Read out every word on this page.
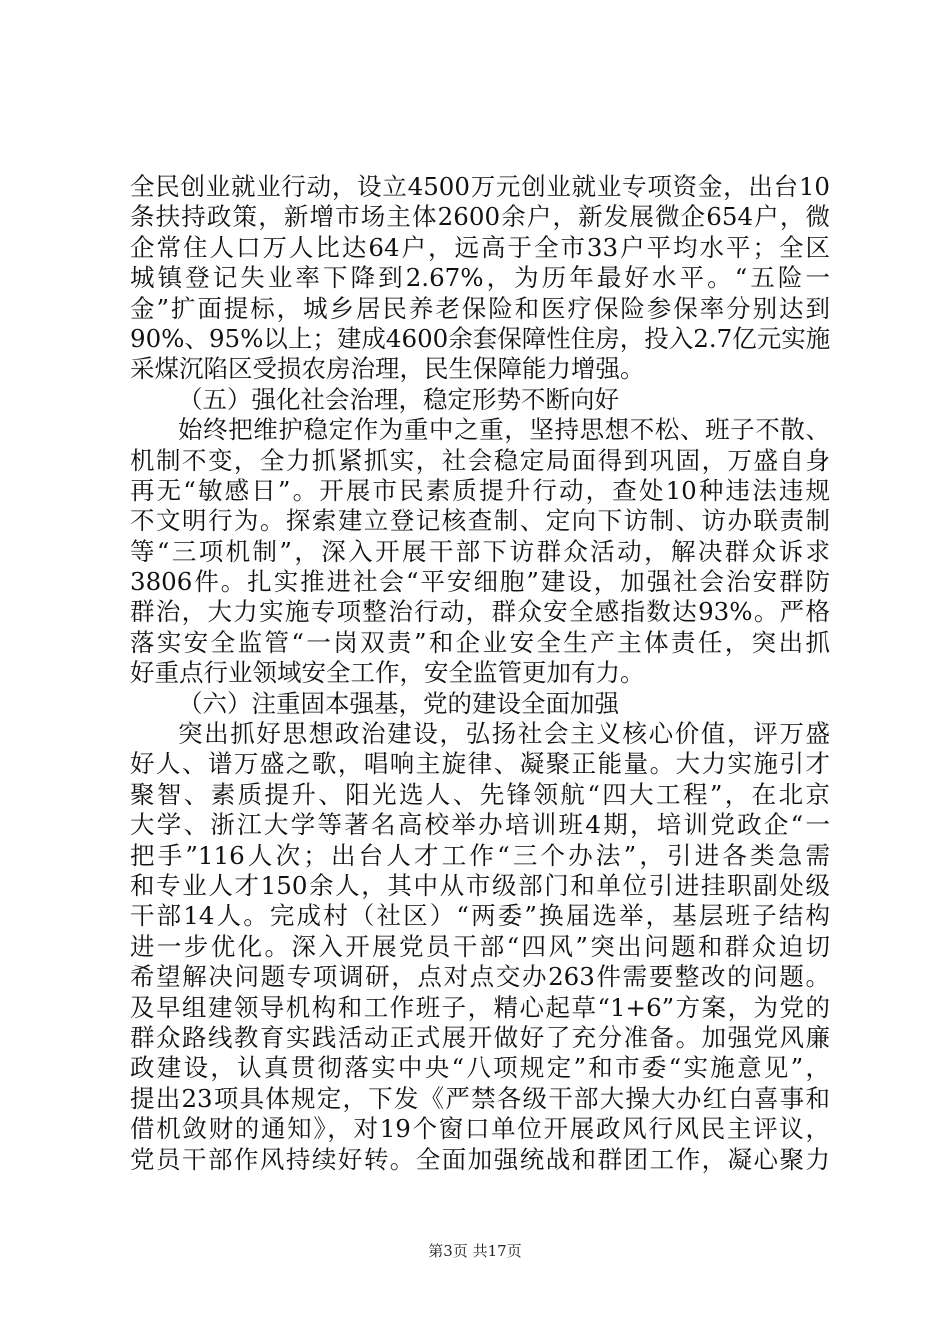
全民创业就业行动，设立4500万元创业就业专项资金，出台10
条扶持政策，新增市场主体2600余户，新发展微企654户，微
企常住人口万人比达64户，远高于全市33户平均水平；全区
城镇登记失业率下降到2.67%，为历年最好水平。“五险一
金”扩面提标，城乡居民养老保险和医疗保险参保率分别达到
90%、95%以上；建成4600余套保障性住房，投入2.7亿元实施
采煤沉陷区受损农房治理，民生保障能力增强。
（五）强化社会治理，稳定形势不断向好
始终把维护稳定作为重中之重，坚持思想不松、班子不散、
机制不变，全力抓紧抓实，社会稳定局面得到巩固，万盛自身
再无“敏感日”。开展市民素质提升行动，查处10种违法违规
不文明行为。探索建立登记核查制、定向下访制、访办联责制
等“三项机制”，深入开展干部下访群众活动，解决群众诉求
3806件。扎实推进社会“平安细胞”建设，加强社会治安群防
群治，大力实施专项整治行动，群众安全感指数达93%。严格
落实安全监管“一岗双责”和企业安全生产主体责任，突出抓
好重点行业领域安全工作，安全监管更加有力。
（六）注重固本强基，党的建设全面加强
突出抓好思想政治建设，弘扬社会主义核心价值，评万盛
好人、谱万盛之歌，唱响主旋律、凝聚正能量。大力实施引才
聚智、素质提升、阳光选人、先锋领航“四大工程”，在北京
大学、浙江大学等著名高校举办培训班4期，培训党政企“一
把手”116人次；出台人才工作“三个办法”，引进各类急需
和专业人才150余人，其中从市级部门和单位引进挂职副处级
干部14人。完成村（社区）“两委”换届选举，基层班子结构
进一步优化。深入开展党员干部“四风”突出问题和群众迫切
希望解决问题专项调研，点对点交办263件需要整改的问题。
及早组建领导机构和工作班子，精心起草“1+6”方案，为党的
群众路线教育实践活动正式展开做好了充分准备。加强党风廉
政建设，认真贯彻落实中央“八项规定”和市委“实施意见”，
提出23项具体规定，下发《严禁各级干部大操大办红白喜事和
借机敛财的通知》，对19个窗口单位开展政风行风民主评议，
党员干部作风持续好转。全面加强统战和群团工作，凝心聚力
第3页 共17页
